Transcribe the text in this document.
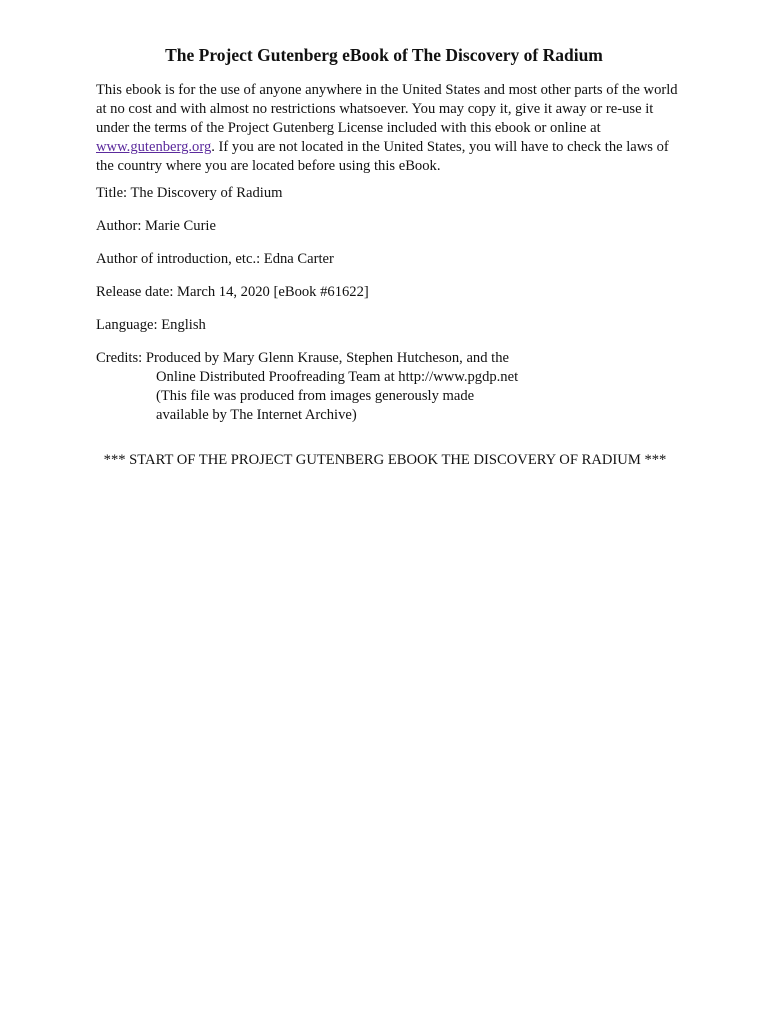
The Project Gutenberg eBook of The Discovery of Radium

This ebook is for the use of anyone anywhere in the United States and most other parts of the world
at no cost and with almost no restrictions whatsoever. You may copy it, give it away or re-use it
under the terms of the Project Gutenberg License included with this ebook or online at
www.gutenberg.org. If you are not located in the United States, you will have to check the laws of
the country where you are located before using this eBook.

Title: The Discovery of Radium

Author: Marie Curie

Author of introduction, etc.: Edna Carter

Release date: March 14, 2020 [eBook #61622]

Language: English

Credits: Produced by Mary Glenn Krause, Stephen Hutcheson, and the
Online Distributed Proofreading Team at http://www.pgdp.net
(This file was produced from images generously made
available by The Internet Archive)

*** START OF THE PROJECT GUTENBERG EBOOK THE DISCOVERY OF RADIUM ***
